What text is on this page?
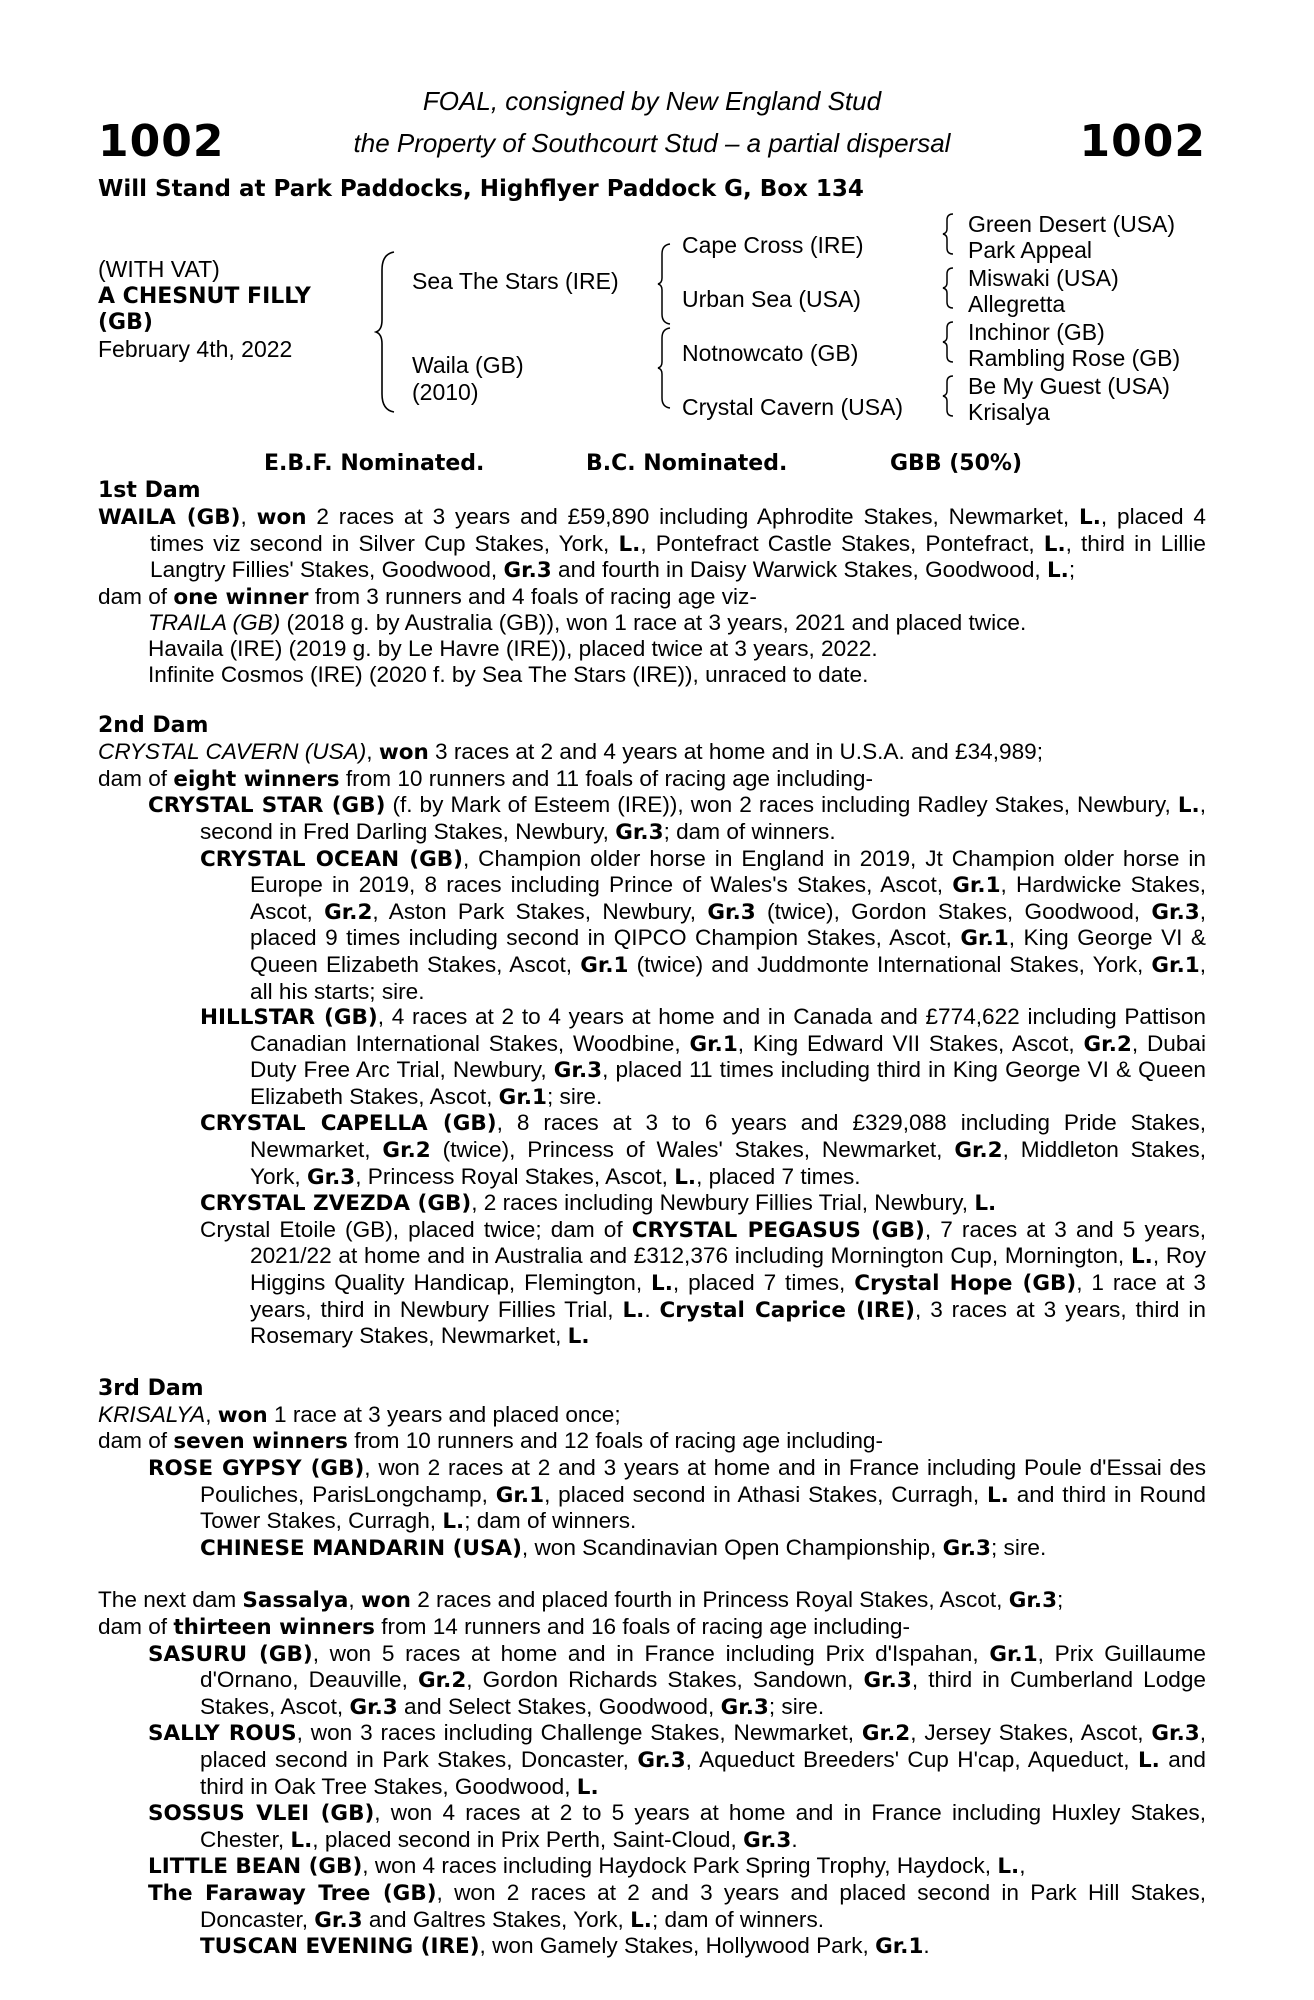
1002
FOAL, consigned by New England Stud
the Property of Southcourt Stud – a partial dispersal	1002
Will Stand at Park Paddocks, Highflyer Paddock G, Box 134
(WITH VAT)
A CHESNUT FILLY
(GB)
February 4th, 2022
Sea The Stars (IRE)
Waila (GB)
(2010)
Cape Cross (IRE)
Urban Sea (USA)
Notnowcato (GB)
Crystal Cavern (USA)
Green Desert (USA)
Park Appeal
Miswaki (USA)
Allegretta
Inchinor (GB)
Rambling Rose (GB)
Be My Guest (USA)
Krisalya
E.B.F. Nominated.	B.C. Nominated.	GBB (50%)
1st Dam
WAILA (GB), won 2 races at 3 years and £59,890 including Aphrodite Stakes, Newmarket, L., placed 4 times viz second in Silver Cup Stakes, York, L., Pontefract Castle Stakes, Pontefract, L., third in Lillie Langtry Fillies' Stakes, Goodwood, Gr.3 and fourth in Daisy Warwick Stakes, Goodwood, L.;
dam of one winner from 3 runners and 4 foals of racing age viz-
TRAILA (GB) (2018 g. by Australia (GB)), won 1 race at 3 years, 2021 and placed twice.
Havaila (IRE) (2019 g. by Le Havre (IRE)), placed twice at 3 years, 2022.
Infinite Cosmos (IRE) (2020 f. by Sea The Stars (IRE)), unraced to date.
2nd Dam
CRYSTAL CAVERN (USA), won 3 races at 2 and 4 years at home and in U.S.A. and £34,989;
dam of eight winners from 10 runners and 11 foals of racing age including-
CRYSTAL STAR (GB) (f. by Mark of Esteem (IRE)), won 2 races including Radley Stakes, Newbury, L., second in Fred Darling Stakes, Newbury, Gr.3; dam of winners.
CRYSTAL OCEAN (GB), Champion older horse in England in 2019, Jt Champion older horse in Europe in 2019, 8 races including Prince of Wales's Stakes, Ascot, Gr.1, Hardwicke Stakes, Ascot, Gr.2, Aston Park Stakes, Newbury, Gr.3 (twice), Gordon Stakes, Goodwood, Gr.3, placed 9 times including second in QIPCO Champion Stakes, Ascot, Gr.1, King George VI & Queen Elizabeth Stakes, Ascot, Gr.1 (twice) and Juddmonte International Stakes, York, Gr.1, all his starts; sire.
HILLSTAR (GB), 4 races at 2 to 4 years at home and in Canada and £774,622 including Pattison Canadian International Stakes, Woodbine, Gr.1, King Edward VII Stakes, Ascot, Gr.2, Dubai Duty Free Arc Trial, Newbury, Gr.3, placed 11 times including third in King George VI & Queen Elizabeth Stakes, Ascot, Gr.1; sire.
CRYSTAL CAPELLA (GB), 8 races at 3 to 6 years and £329,088 including Pride Stakes, Newmarket, Gr.2 (twice), Princess of Wales' Stakes, Newmarket, Gr.2, Middleton Stakes, York, Gr.3, Princess Royal Stakes, Ascot, L., placed 7 times.
CRYSTAL ZVEZDA (GB), 2 races including Newbury Fillies Trial, Newbury, L.
Crystal Etoile (GB), placed twice; dam of CRYSTAL PEGASUS (GB), 7 races at 3 and 5 years, 2021/22 at home and in Australia and £312,376 including Mornington Cup, Mornington, L., Roy Higgins Quality Handicap, Flemington, L., placed 7 times, Crystal Hope (GB), 1 race at 3 years, third in Newbury Fillies Trial, L.. Crystal Caprice (IRE), 3 races at 3 years, third in Rosemary Stakes, Newmarket, L.
3rd Dam
KRISALYA, won 1 race at 3 years and placed once;
dam of seven winners from 10 runners and 12 foals of racing age including-
ROSE GYPSY (GB), won 2 races at 2 and 3 years at home and in France including Poule d'Essai des Pouliches, ParisLongchamp, Gr.1, placed second in Athasi Stakes, Curragh, L. and third in Round Tower Stakes, Curragh, L.; dam of winners.
CHINESE MANDARIN (USA), won Scandinavian Open Championship, Gr.3; sire.
The next dam Sassalya, won 2 races and placed fourth in Princess Royal Stakes, Ascot, Gr.3;
dam of thirteen winners from 14 runners and 16 foals of racing age including-
SASURU (GB), won 5 races at home and in France including Prix d'Ispahan, Gr.1, Prix Guillaume d'Ornano, Deauville, Gr.2, Gordon Richards Stakes, Sandown, Gr.3, third in Cumberland Lodge Stakes, Ascot, Gr.3 and Select Stakes, Goodwood, Gr.3; sire.
SALLY ROUS, won 3 races including Challenge Stakes, Newmarket, Gr.2, Jersey Stakes, Ascot, Gr.3, placed second in Park Stakes, Doncaster, Gr.3, Aqueduct Breeders' Cup H'cap, Aqueduct, L. and third in Oak Tree Stakes, Goodwood, L.
SOSSUS VLEI (GB), won 4 races at 2 to 5 years at home and in France including Huxley Stakes, Chester, L., placed second in Prix Perth, Saint-Cloud, Gr.3.
LITTLE BEAN (GB), won 4 races including Haydock Park Spring Trophy, Haydock, L.,
The Faraway Tree (GB), won 2 races at 2 and 3 years and placed second in Park Hill Stakes, Doncaster, Gr.3 and Galtres Stakes, York, L.; dam of winners.
TUSCAN EVENING (IRE), won Gamely Stakes, Hollywood Park, Gr.1.
